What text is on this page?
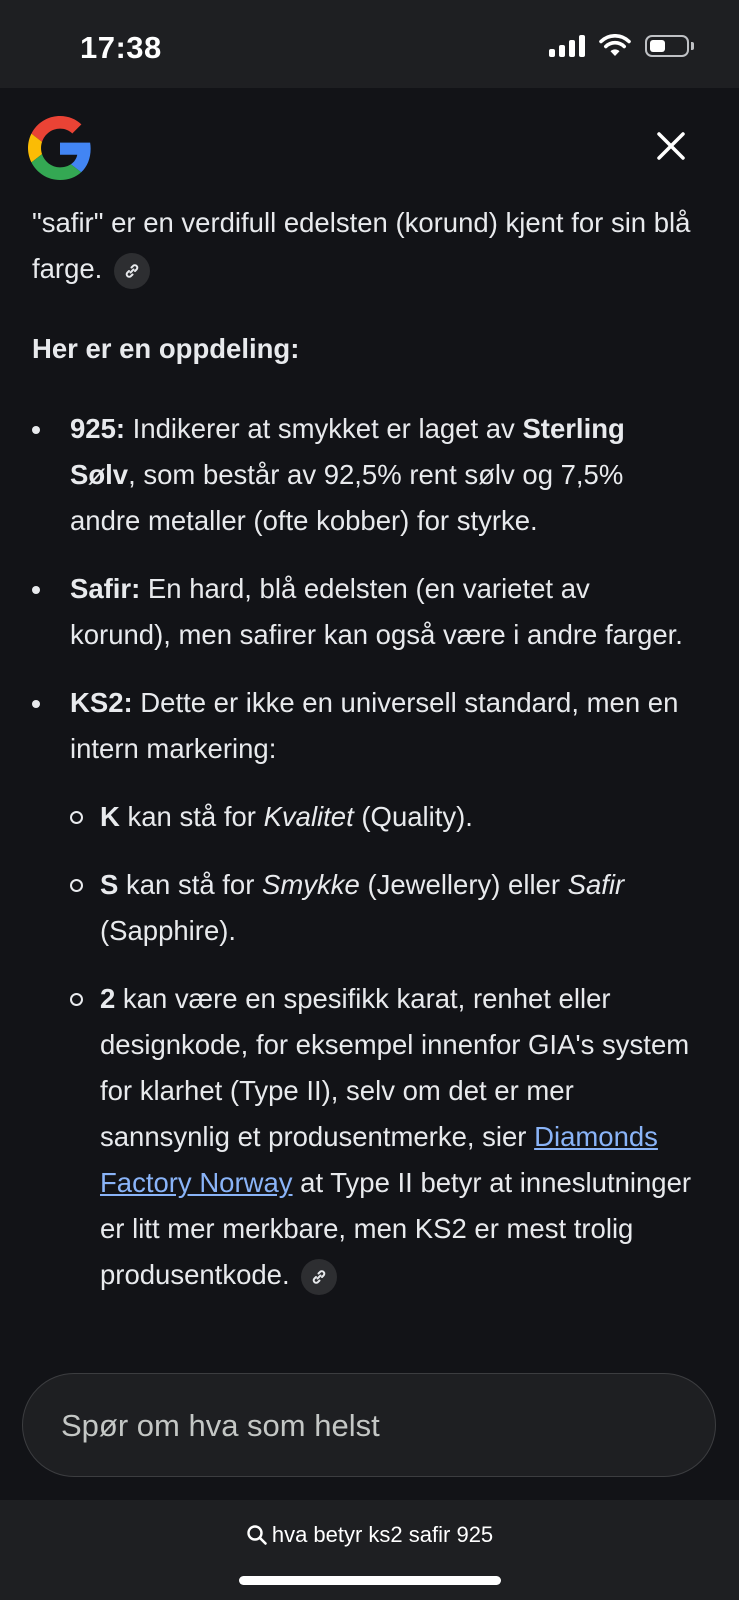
17:38

"safir" er en verdifull edelsten (korund) kjent for sin blå farge.

Her er en oppdeling:

925: Indikerer at smykket er laget av Sterling Sølv, som består av 92,5% rent sølv og 7,5% andre metaller (ofte kobber) for styrke.
Safir: En hard, blå edelsten (en varietet av korund), men safirer kan også være i andre farger.
KS2: Dette er ikke en universell standard, men en intern markering:
K kan stå for Kvalitet (Quality).
S kan stå for Smykke (Jewellery) eller Safir (Sapphire).
2 kan være en spesifikk karat, renhet eller designkode, for eksempel innenfor GIA's system for klarhet (Type II), selv om det er mer sannsynlig et produsentmerke, sier Diamonds Factory Norway at Type II betyr at inneslutninger er litt mer merkbare, men KS2 er mest trolig produsentkode.
Spør om hva som helst
hva betyr ks2 safir 925
